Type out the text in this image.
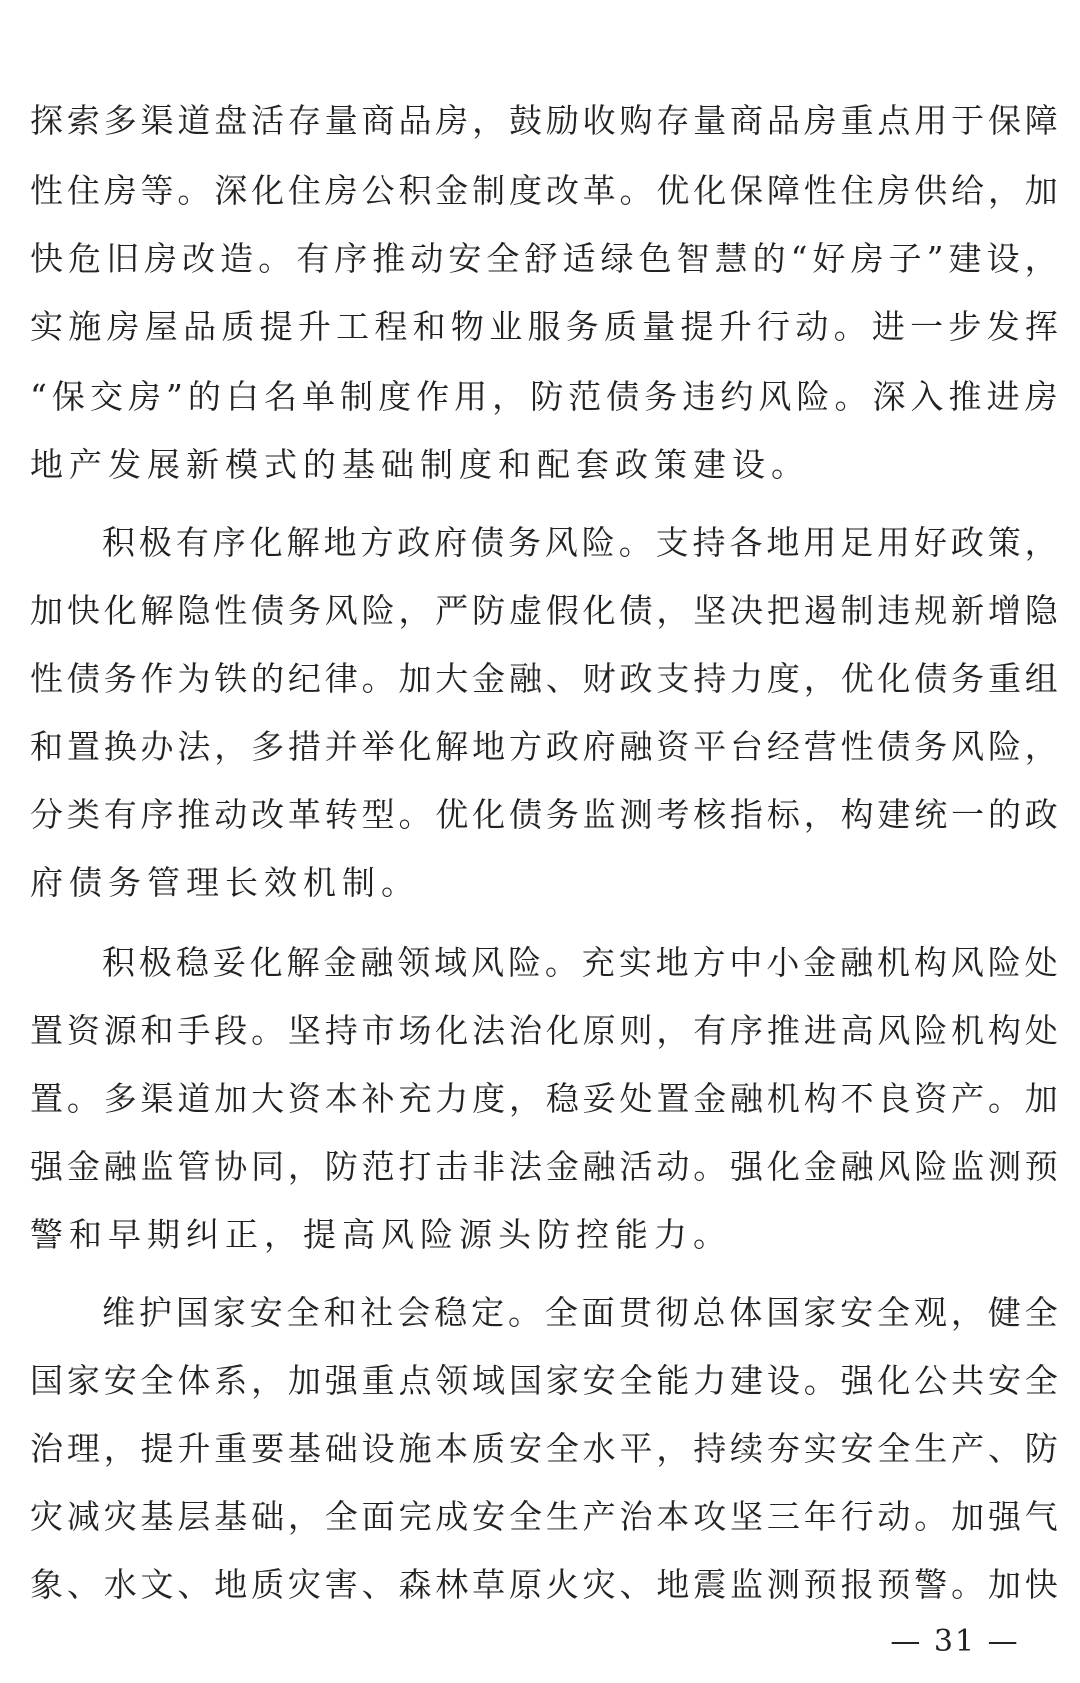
探 索 多 渠 道 盘 活 存 量 商 品 房 ， 鼓 励 收 购 存 量 商 品 房 重 点 用 于 保 障
性 住 房 等 。 深 化 住 房 公 积 金 制 度 改 革 。 优 化 保 障 性 住 房 供 给 ， 加
快 危 旧 房 改 造 。 有 序 推 动 安 全 舒 适 绿 色 智 慧 的 “ 好 房 子 ” 建 设 ，
实 施 房 屋 品 质 提 升 工 程 和 物 业 服 务 质 量 提 升 行 动 。 进 一 步 发 挥
“ 保 交 房 ” 的 白 名 单 制 度 作 用 ， 防 范 债 务 违 约 风 险 。 深 入 推 进 房
地产发展新模式的基础制度和配套政策建设。
积 极 有 序 化 解 地 方 政 府 债 务 风 险 。 支 持 各 地 用 足 用 好 政 策 ，
加 快 化 解 隐 性 债 务 风 险 ， 严 防 虚 假 化 债 ， 坚 决 把 遏 制 违 规 新 增 隐
性 债 务 作 为 铁 的 纪 律 。 加 大 金 融 、 财 政 支 持 力 度 ， 优 化 债 务 重 组
和 置 换 办 法 ， 多 措 并 举 化 解 地 方 政 府 融 资 平 台 经 营 性 债 务 风 险 ，
分 类 有 序 推 动 改 革 转 型 。 优 化 债 务 监 测 考 核 指 标 ， 构 建 统 一 的 政
府债务管理长效机制。
积 极 稳 妥 化 解 金 融 领 域 风 险 。 充 实 地 方 中 小 金 融 机 构 风 险 处
置 资 源 和 手 段 。 坚 持 市 场 化 法 治 化 原 则 ， 有 序 推 进 高 风 险 机 构 处
置 。 多 渠 道 加 大 资 本 补 充 力 度 ， 稳 妥 处 置 金 融 机 构 不 良 资 产 。 加
强 金 融 监 管 协 同 ， 防 范 打 击 非 法 金 融 活 动 。 强 化 金 融 风 险 监 测 预
警和早期纠正，提高风险源头防控能力。
维 护 国 家 安 全 和 社 会 稳 定 。 全 面 贯 彻 总 体 国 家 安 全 观 ， 健 全
国 家 安 全 体 系 ， 加 强 重 点 领 域 国 家 安 全 能 力 建 设 。 强 化 公 共 安 全
治 理 ， 提 升 重 要 基 础 设 施 本 质 安 全 水 平 ， 持 续 夯 实 安 全 生 产 、 防
灾 减 灾 基 层 基 础 ， 全 面 完 成 安 全 生 产 治 本 攻 坚 三 年 行 动 。 加 强 气
象 、 水 文 、 地 质 灾 害 、 森 林 草 原 火 灾 、 地 震 监 测 预 报 预 警 。 加 快
— 31 —
